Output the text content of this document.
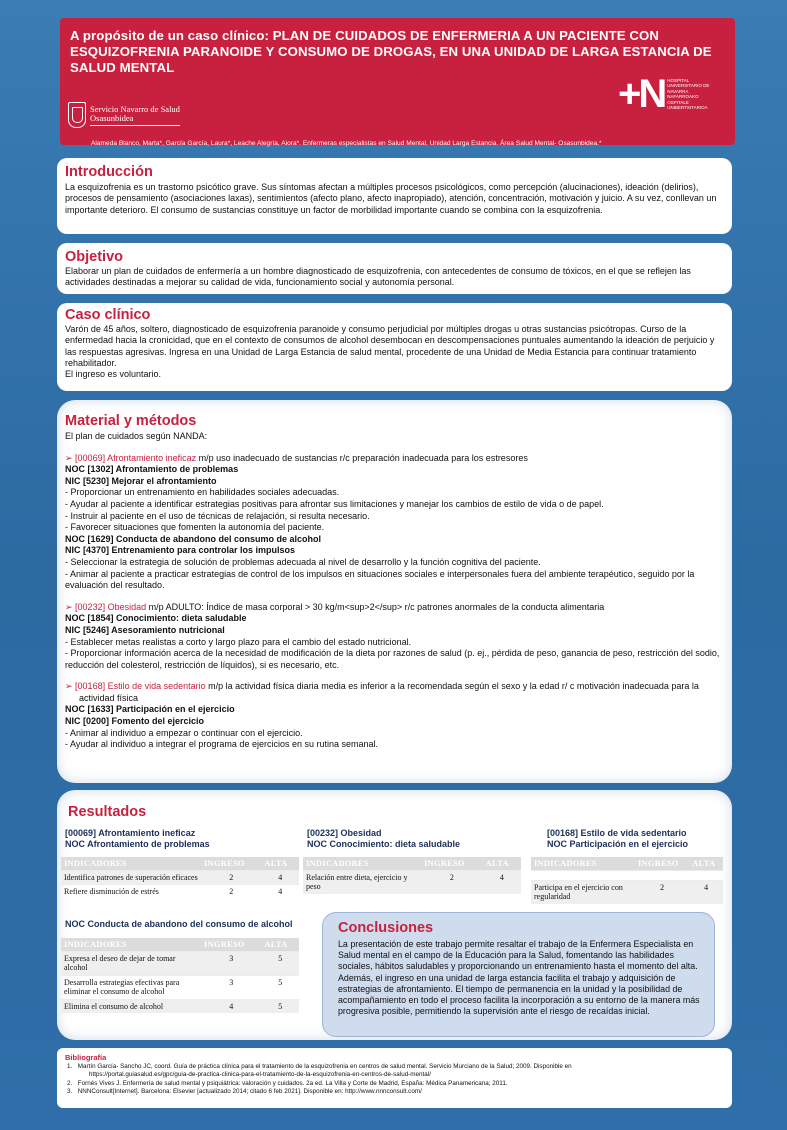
A propósito de un caso clínico: PLAN DE CUIDADOS DE ENFERMERIA A UN PACIENTE CON ESQUIZOFRENIA PARANOIDE Y CONSUMO DE DROGAS, EN UNA UNIDAD DE LARGA ESTANCIA DE SALUD MENTAL
Servicio Navarro de Salud
Osasunbidea
+N HOSPITAL UNIVERSITARIO DE NAVARRA NAFARROAKO OSPITALE UNIBERTSITARIOA
Alameda Blanco, Marta*, García García, Laura*, Leache Alegría, Aiora*. Enfermeras especialistas en Salud Mental. Unidad Larga Estancia. Área Salud Mental- Osasunbidea.*
Introducción

La esquizofrenia es un trastorno psicótico grave. Sus síntomas afectan a múltiples procesos psicológicos, como percepción (alucinaciones), ideación (delirios), procesos de pensamiento (asociaciones laxas), sentimientos (afecto plano, afecto inapropiado), atención, concentración, motivación y juicio. A su vez, conllevan un importante deterioro. El consumo de sustancias constituye un factor de morbilidad importante cuando se combina con la esquizofrenia.

Objetivo

Elaborar un plan de cuidados de enfermería a un hombre diagnosticado de esquizofrenia, con antecedentes de consumo de tóxicos, en el que se reflejen las actividades destinadas a mejorar su calidad de vida, funcionamiento social y autonomía personal.

Caso clínico
Varón de 45 años, soltero, diagnosticado de esquizofrenia paranoide y consumo perjudicial por múltiples drogas u otras sustancias psicótropas. Curso de la enfermedad hacia la cronicidad, que en el contexto de consumos de alcohol desembocan en descompensaciones puntuales aumentando la ideación de perjuicio y las respuestas agresivas. Ingresa en una Unidad de Larga Estancia de salud mental, procedente de una Unidad de Media Estancia para continuar tratamiento rehabilitador.
El ingreso es voluntario.
Material y métodos
El plan de cuidados según NANDA:
➢ [00069] Afrontamiento ineficaz m/p uso inadecuado de sustancias r/c preparación inadecuada para los estresores
NOC [1302] Afrontamiento de problemas
NIC [5230] Mejorar el afrontamiento
- Proporcionar un entrenamiento en habilidades sociales adecuadas.
- Ayudar al paciente a identificar estrategias positivas para afrontar sus limitaciones y manejar los cambios de estilo de vida o de papel.
- Instruir al paciente en el uso de técnicas de relajación, si resulta necesario.
- Favorecer situaciones que fomenten la autonomía del paciente.
NOC [1629] Conducta de abandono del consumo de alcohol
NIC [4370] Entrenamiento para controlar los impulsos
- Seleccionar la estrategia de solución de problemas adecuada al nivel de desarrollo y la función cognitiva del paciente.
- Animar al paciente a practicar estrategias de control de los impulsos en situaciones sociales e interpersonales fuera del ambiente terapéutico, seguido por la evaluación del resultado.
➢ [00232] Obesidad m/p ADULTO: Índice de masa corporal > 30 kg/m<sup>2</sup> r/c patrones anormales de la conducta alimentaria
NOC [1854] Conocimiento: dieta saludable
NIC [5246] Asesoramiento nutricional
- Establecer metas realistas a corto y largo plazo para el cambio del estado nutricional.
- Proporcionar información acerca de la necesidad de modificación de la dieta por razones de salud (p. ej., pérdida de peso, ganancia de peso, restricción del sodio, reducción del colesterol, restricción de líquidos), si es necesario, etc.
➢ [00168] Estilo de vida sedentario m/p la actividad física diaria media es inferior a la recomendada según el sexo y la edad r/ c motivación inadecuada para la actividad física
NOC [1633] Participación en el ejercicio
NIC [0200] Fomento del ejercicio
- Animar al individuo a empezar o continuar con el ejercicio.
- Ayudar al individuo a integrar el programa de ejercicios en su rutina semanal.
Resultados
[00069] Afrontamiento ineficaz
NOC Afrontamiento de problemas
INDICADORES	INGRESO	ALTA
Identifica patrones de superación eficaces	2	4
Refiere disminución de estrés	2	4
[00232] Obesidad
NOC Conocimiento: dieta saludable
INDICADORES	INGRESO	ALTA
Relación entre dieta, ejercicio y peso	2	4
[00168] Estilo de vida sedentario
NOC Participación en el ejercicio
INDICADORES	INGRESO	ALTA

Participa en el ejercicio con regularidad	2	4
NOC Conducta de abandono del consumo de alcohol
INDICADORES	INGRESO	ALTA
Expresa el deseo de dejar de tomar alcohol	3	5
Desarrolla estrategias efectivas para eliminar el consumo de alcohol	3	5
Elimina el consumo de alcohol	4	5
Conclusiones

La presentación de este trabajo permite resaltar el trabajo de la Enfermera Especialista en Salud mental en el campo de la Educación para la Salud, fomentando las habilidades sociales, hábitos saludables y proporcionando un entrenamiento hasta el momento del alta. Además, el ingreso en una unidad de larga estancia facilita el trabajo y adquisición de estrategias de afrontamiento. El tiempo de permanencia en la unidad y la posibilidad de acompañamiento en todo el proceso facilita la incorporación a su entorno de la manera más progresiva posible, permitiendo la supervisión ante el riesgo de recaídas inicial.

Bibliografía
1. Martín García- Sancho JC, coord. Guía de práctica clínica para el tratamiento de la esquizofrenia en centros de salud mental. Servicio Murciano de la Salud; 2009. Disponible en
https://portal.guiasalud.es/gpc/guia-de-practica-clinica-para-el-tratamiento-de-la-esquizofrenia-en-centros-de-salud-mental/
2. Fornés Vives J. Enfermería de salud mental y psiquiátrica: valoración y cuidados. 2a ed. La Villa y Corte de Madrid, España: Médica Panamericana; 2011.
3. NNNConsult[Internet]. Barcelona: Elsevier [actualizado 2014; citado 6 feb 2021]. Disponible en: http://www.nnnconsult.com/
